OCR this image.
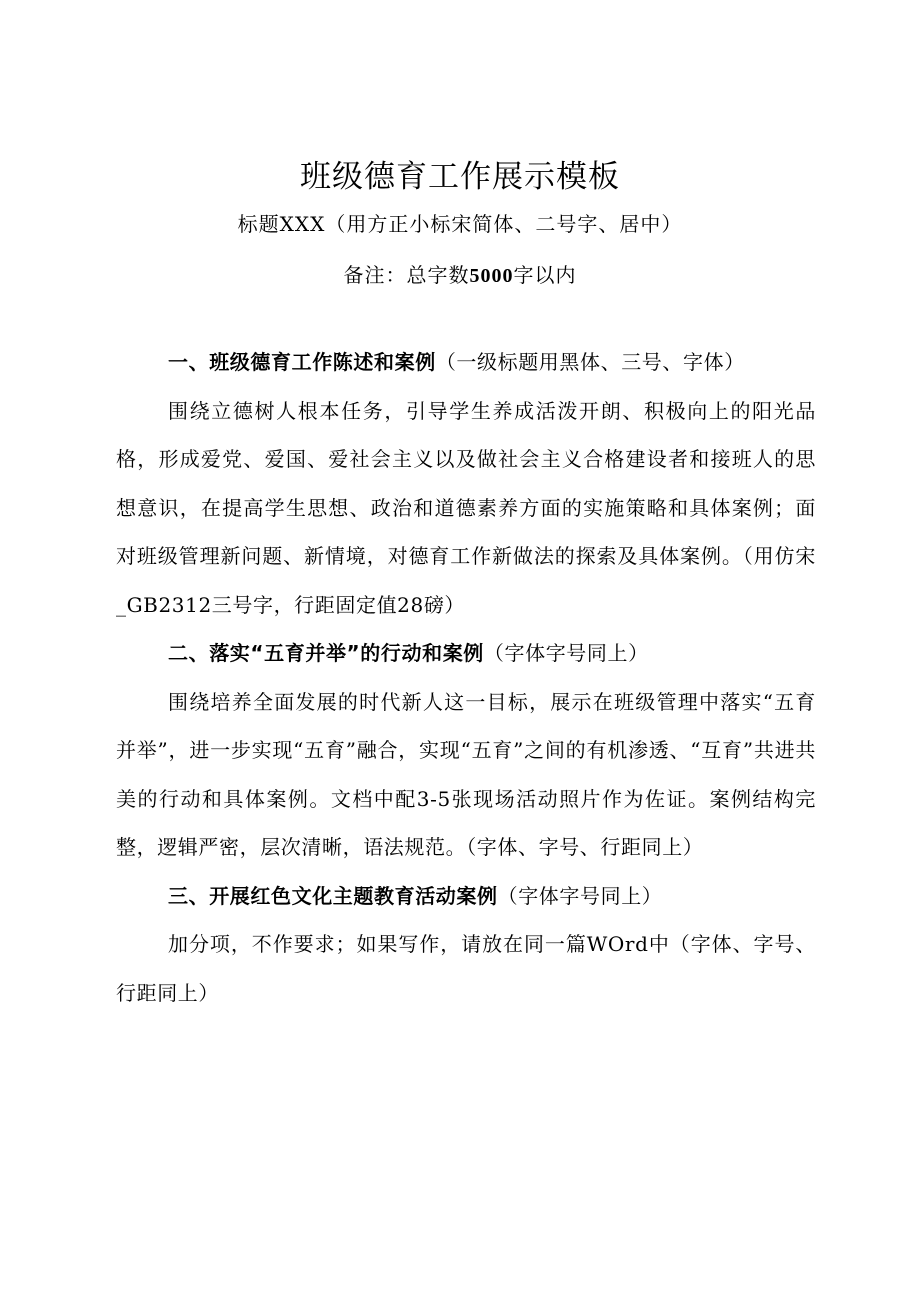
班级德育工作展示模板
标题XXX（用方正小标宋简体、二号字、居中）
备注：总字数5000字以内
一、班级德育工作陈述和案例（一级标题用黑体、三号、字体）

围绕立德树人根本任务，引导学生养成活泼开朗、积极向上的阳光品格，形成爱党、爱国、爱社会主义以及做社会主义合格建设者和接班人的思想意识，在提高学生思想、政治和道德素养方面的实施策略和具体案例；面对班级管理新问题、新情境，对德育工作新做法的探索及具体案例。（用仿宋_GB2312三号字，行距固定值28磅）

二、落实“五育并举”的行动和案例（字体字号同上）

围绕培养全面发展的时代新人这一目标，展示在班级管理中落实“五育并举”，进一步实现“五育”融合，实现“五育”之间的有机渗透、“互育”共进共美的行动和具体案例。文档中配3-5张现场活动照片作为佐证。案例结构完整，逻辑严密，层次清晰，语法规范。（字体、字号、行距同上）

三、开展红色文化主题教育活动案例（字体字号同上）

加分项，不作要求；如果写作，请放在同一篇WOrd中（字体、字号、行距同上）
